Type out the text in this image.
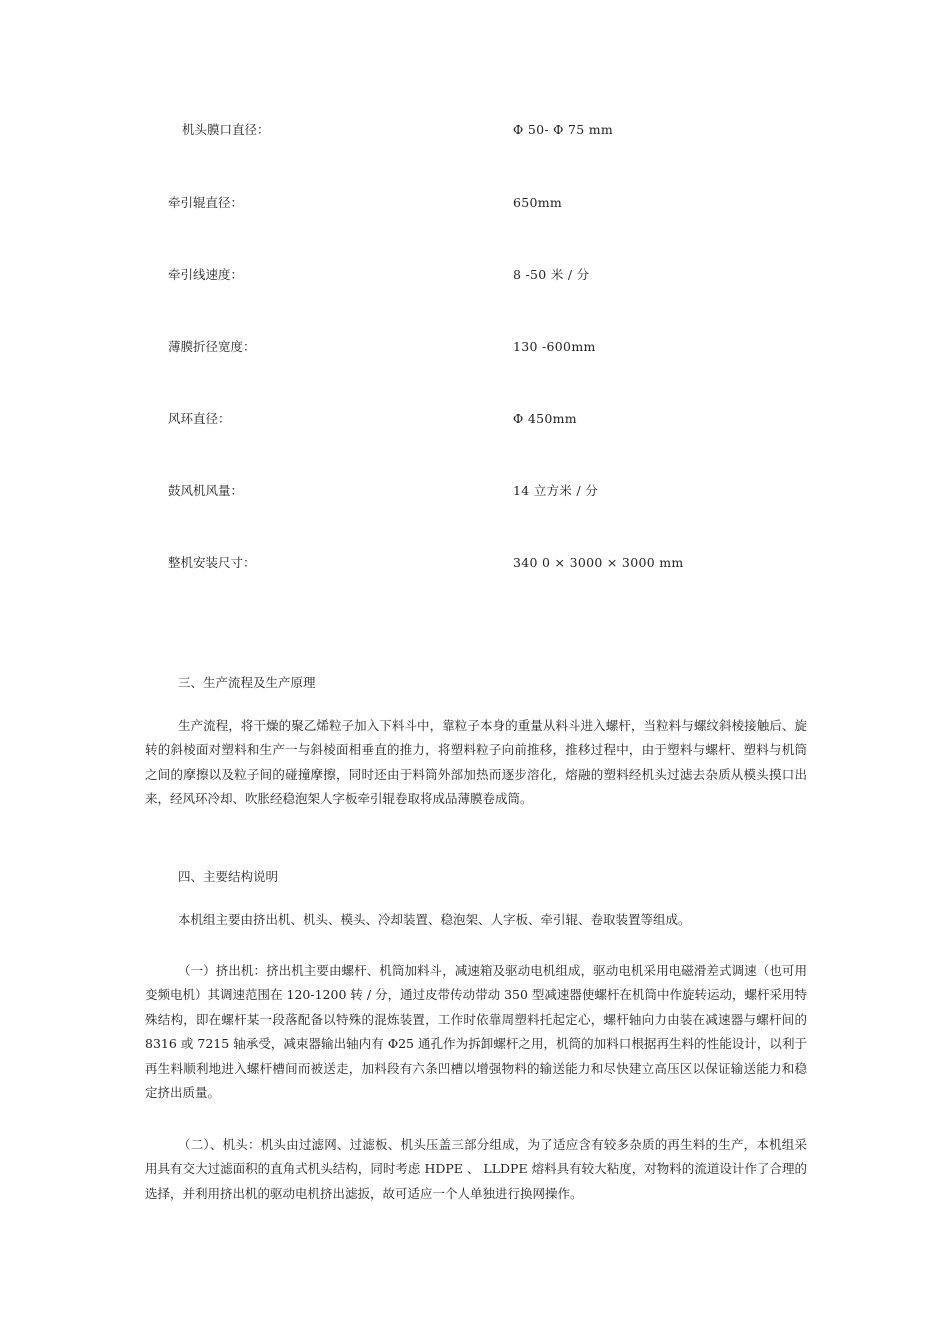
机头膜口直径：	Φ 50- Φ 75 mm
牵引辊直径：	650mm
牵引线速度：	8 -50 米 / 分
薄膜折径宽度：	130 -600mm
风环直径：	Φ 450mm
鼓风机风量：	14 立方米 / 分
整机安装尺寸：	340 0 × 3000 × 3000 mm
三、生产流程及生产原理

生产流程，将干燥的聚乙烯粒子加入下料斗中，靠粒子本身的重量从料斗进入螺杆，当粒料与螺纹斜棱接触后、旋转的斜棱面对塑料和生产一与斜棱面相垂直的推力，将塑料粒子向前推移，推移过程中，由于塑料与螺杆、塑料与机筒之间的摩擦以及粒子间的碰撞摩擦，同时还由于料筒外部加热而逐步溶化，熔融的塑料经机头过滤去杂质从模头摸口出来，经风环冷却、吹胀经稳泡架人字板牵引辊卷取将成品薄膜卷成筒。

四、主要结构说明

本机组主要由挤出机、机头、模头、冷却装置、稳泡架、人字板、牵引辊、卷取装置等组成。

（一）挤出机：挤出机主要由螺杆、机筒加料斗，减速箱及驱动电机组成，驱动电机采用电磁滑差式调速（也可用变频电机）其调速范围在 120-1200 转 / 分，通过皮带传动带动 350 型减速器使螺杆在机筒中作旋转运动，螺杆采用特殊结构，即在螺杆某一段落配备以特殊的混炼装置，工作时依靠周塑料托起定心，螺杆轴向力由装在减速器与螺杆间的 8316 或 7215 轴承受，减束器输出轴内有 Φ25 通孔作为拆卸螺杆之用，机筒的加料口根据再生料的性能设计，以利于再生料顺利地进入螺杆槽间而被送走，加料段有六条凹槽以增强物料的输送能力和尽快建立高压区以保证输送能力和稳定挤出质量。

（二）、机头：机头由过滤网、过滤板、机头压盖三部分组成，为了适应含有较多杂质的再生料的生产，本机组采用具有交大过滤面积的直角式机头结构，同时考虑 HDPE 、 LLDPE 熔料具有较大粘度，对物料的流道设计作了合理的选择，并利用挤出机的驱动电机挤出滤扳，故可适应一个人单独进行换网操作。
